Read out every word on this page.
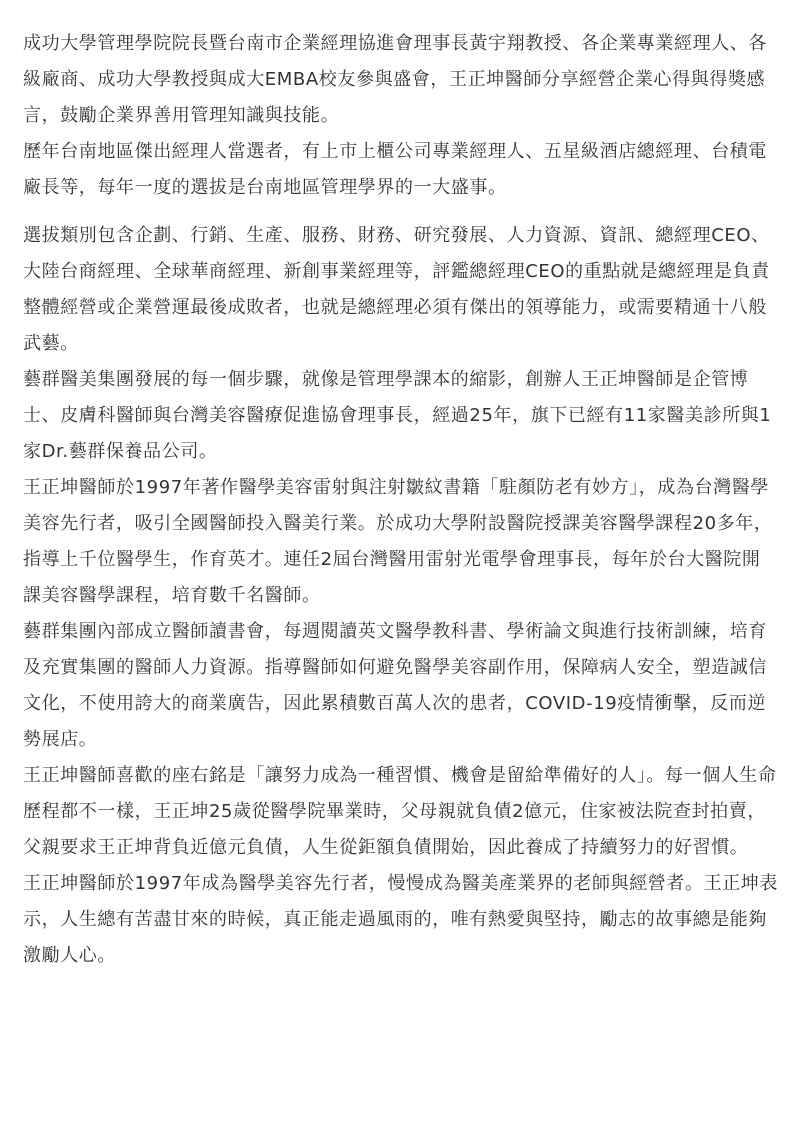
成功大學管理學院院長暨台南市企業經理協進會理事長黃宇翔教授、各企業專業經理人、各級廠商、成功大學教授與成大EMBA校友參與盛會，王正坤醫師分享經營企業心得與得獎感言，鼓勵企業界善用管理知識與技能。

歷年台南地區傑出經理人當選者，有上市上櫃公司專業經理人、五星級酒店總經理、台積電廠長等，每年一度的選拔是台南地區管理學界的一大盛事。

選拔類別包含企劃、行銷、生產、服務、財務、研究發展、人力資源、資訊、總經理CEO、大陸台商經理、全球華商經理、新創事業經理等，評鑑總經理CEO的重點就是總經理是負責整體經營或企業營運最後成敗者，也就是總經理必須有傑出的領導能力，或需要精通十八般武藝。

藝群醫美集團發展的每一個步驟，就像是管理學課本的縮影，創辦人王正坤醫師是企管博士、皮膚科醫師與台灣美容醫療促進協會理事長，經過25年，旗下已經有11家醫美診所與1家Dr.藝群保養品公司。

王正坤醫師於1997年著作醫學美容雷射與注射皺紋書籍「駐顏防老有妙方」，成為台灣醫學美容先行者，吸引全國醫師投入醫美行業。於成功大學附設醫院授課美容醫學課程20多年，指導上千位醫學生，作育英才。連任2屆台灣醫用雷射光電學會理事長，每年於台大醫院開課美容醫學課程，培育數千名醫師。

藝群集團內部成立醫師讀書會，每週閱讀英文醫學教科書、學術論文與進行技術訓練，培育及充實集團的醫師人力資源。指導醫師如何避免醫學美容副作用，保障病人安全，塑造誠信文化，不使用誇大的商業廣告，因此累積數百萬人次的患者，COVID-19疫情衝擊，反而逆勢展店。

王正坤醫師喜歡的座右銘是「讓努力成為一種習慣、機會是留給準備好的人」。每一個人生命歷程都不一樣，王正坤25歲從醫學院畢業時，父母親就負債2億元，住家被法院查封拍賣，父親要求王正坤背負近億元負債，人生從鉅額負債開始，因此養成了持續努力的好習慣。

王正坤醫師於1997年成為醫學美容先行者，慢慢成為醫美產業界的老師與經營者。王正坤表示，人生總有苦盡甘來的時候，真正能走過風雨的，唯有熱愛與堅持，勵志的故事總是能夠激勵人心。
